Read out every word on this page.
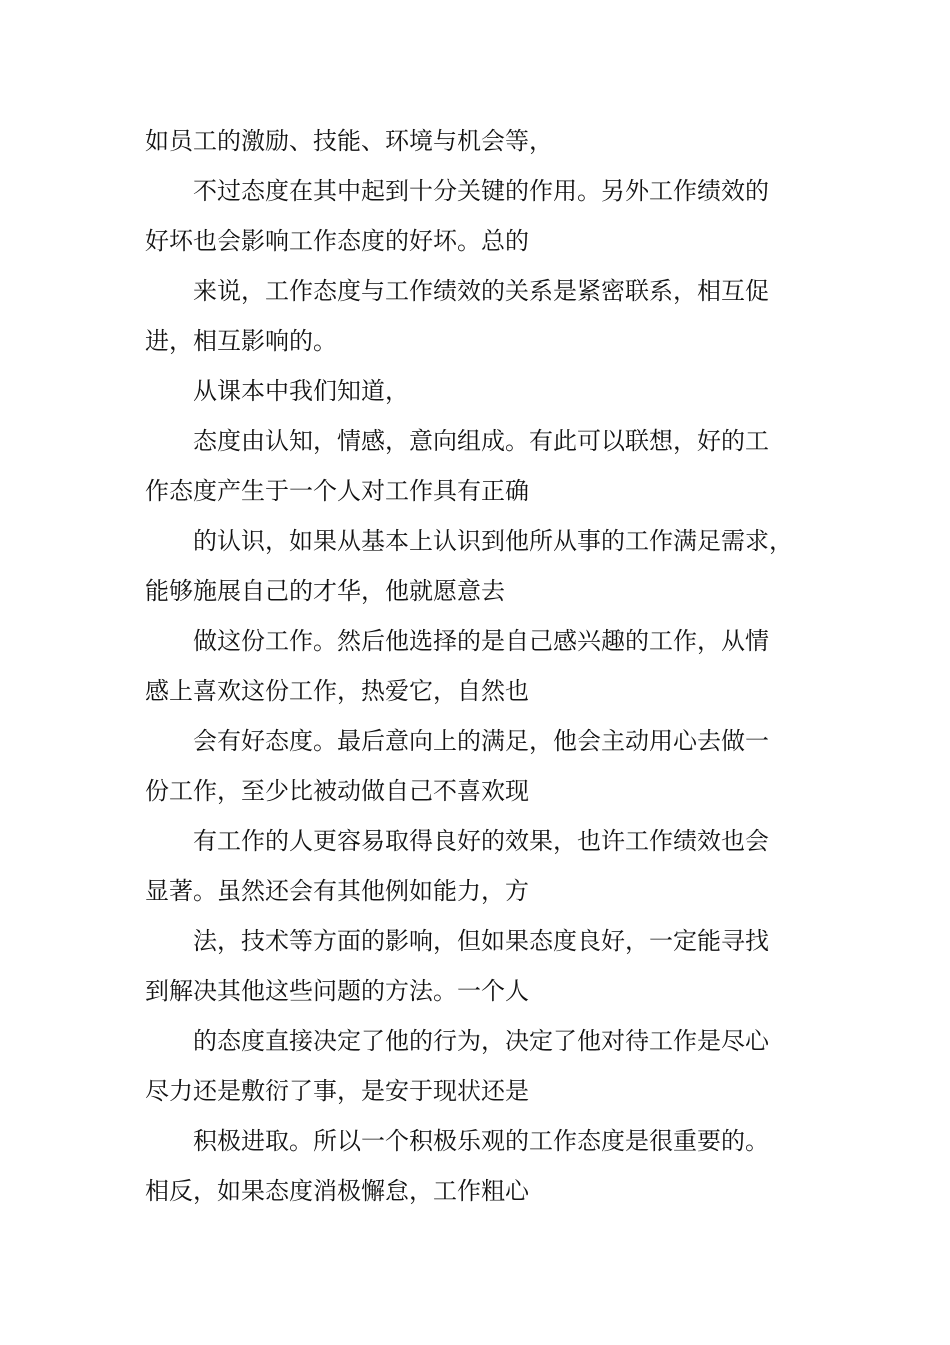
如员工的激励、技能、环境与机会等，
不过态度在其中起到十分关键的作用。另外工作绩效的
好坏也会影响工作态度的好坏。总的
来说，工作态度与工作绩效的关系是紧密联系，相互促
进，相互影响的。
从课本中我们知道，
态度由认知，情感，意向组成。有此可以联想，好的工
作态度产生于一个人对工作具有正确
的认识，如果从基本上认识到他所从事的工作满足需求，
能够施展自己的才华，他就愿意去
做这份工作。然后他选择的是自己感兴趣的工作，从情
感上喜欢这份工作，热爱它，自然也
会有好态度。最后意向上的满足，他会主动用心去做一
份工作，至少比被动做自己不喜欢现
有工作的人更容易取得良好的效果，也许工作绩效也会
显著。虽然还会有其他例如能力，方
法，技术等方面的影响，但如果态度良好，一定能寻找
到解决其他这些问题的方法。一个人
的态度直接决定了他的行为，决定了他对待工作是尽心
尽力还是敷衍了事，是安于现状还是
积极进取。所以一个积极乐观的工作态度是很重要的。
相反，如果态度消极懈怠，工作粗心
